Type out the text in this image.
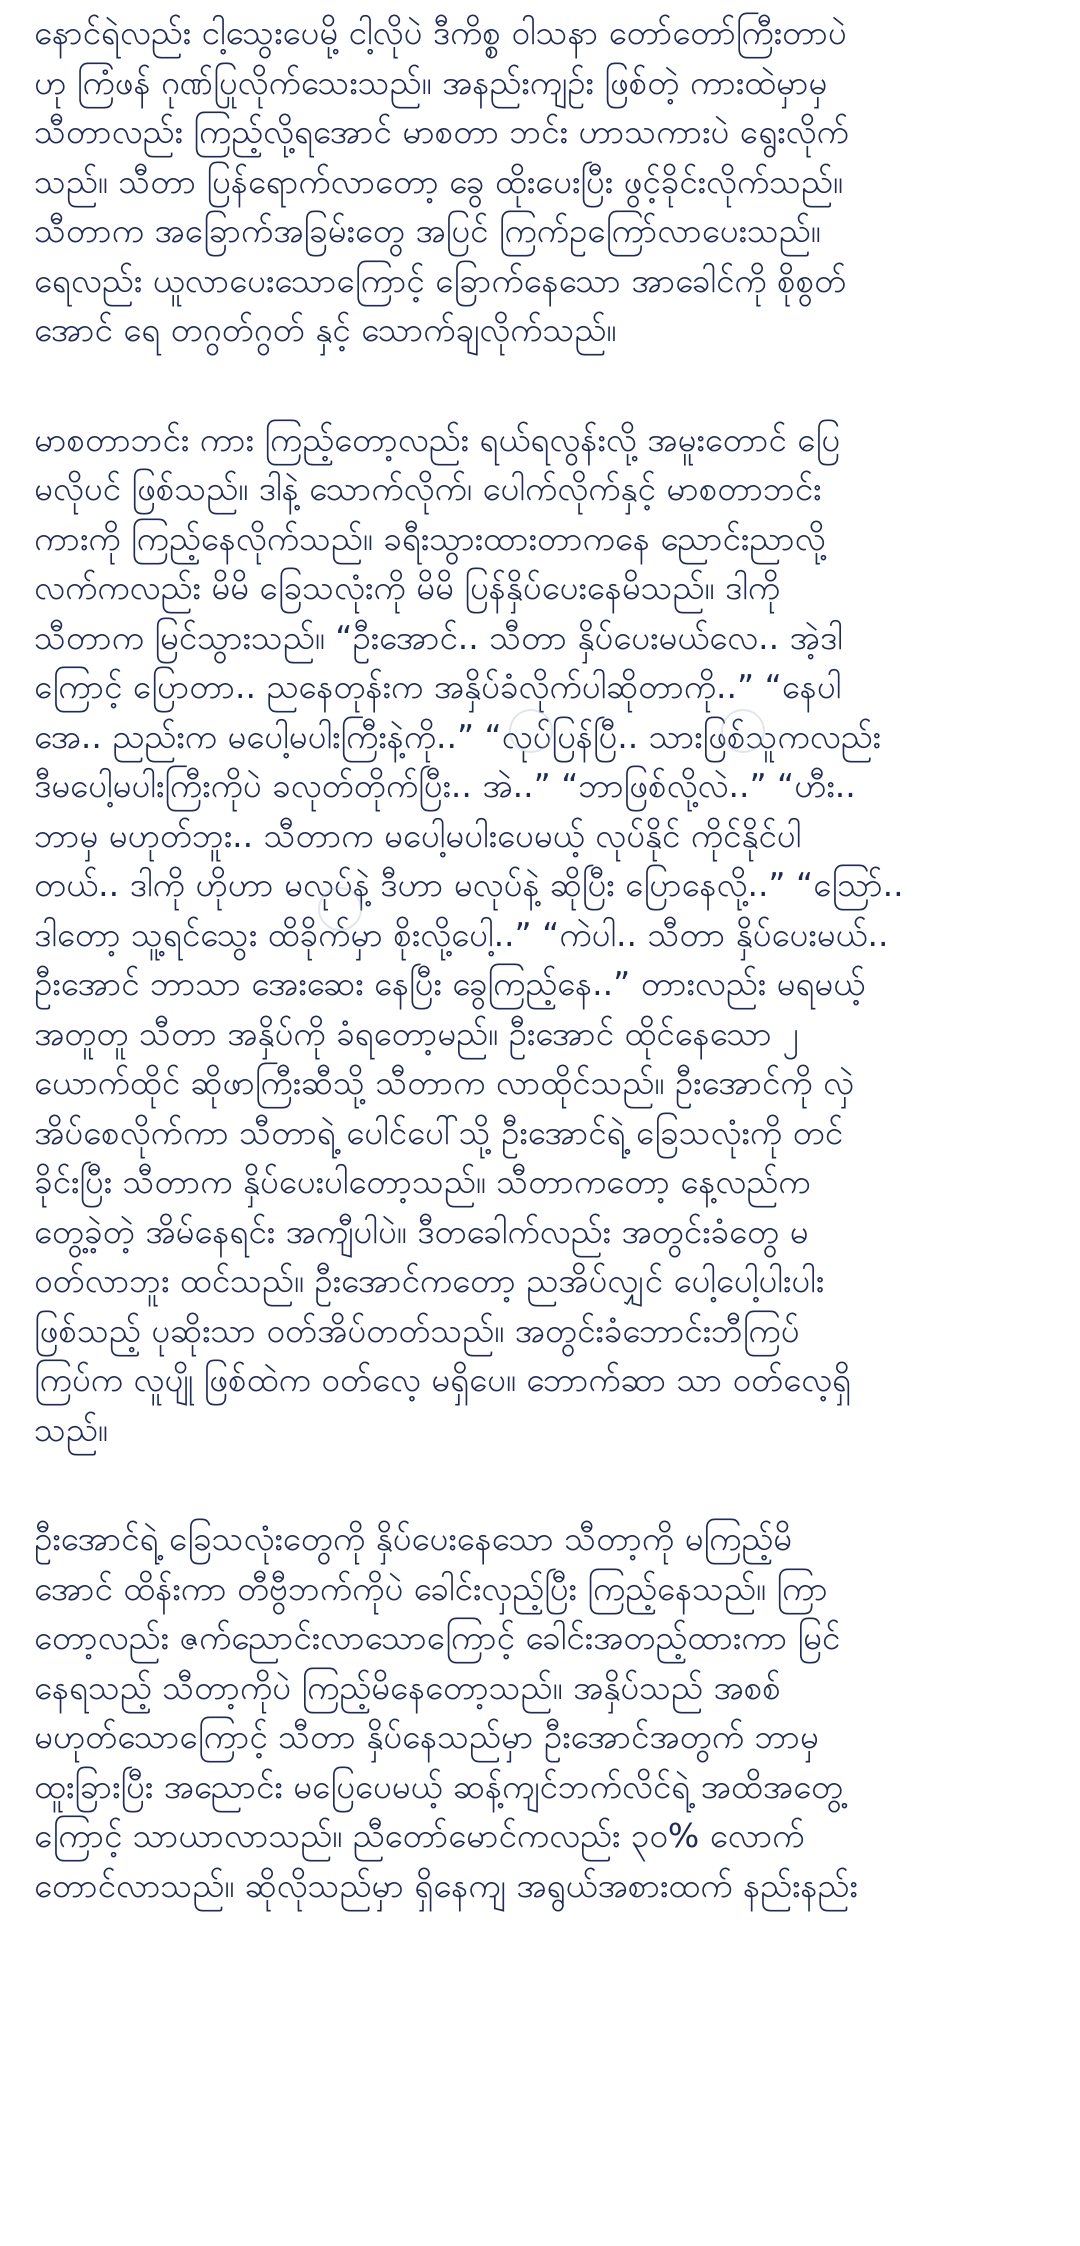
နောင်ရဲလည်း ငါ့သွေးပေမို့ ငါ့လိုပဲ ဒီကိစ္စ ဝါသနာ တော်တော်ကြီးတာပဲ
ဟု ကြံဖန် ဂုဏ်ပြုလိုက်သေးသည်။ အနည်းကျဉ်း ဖြစ်တဲ့ ကားထဲမှာမှ
သီတာလည်း ကြည့်လို့ရအောင် မာစတာ ဘင်း ဟာသကားပဲ ရွေးလိုက်
သည်။ သီတာ ပြန်ရောက်လာတော့ ခွေ ထိုးပေးပြီး ဖွင့်ခိုင်းလိုက်သည်။
သီတာက အခြောက်အခြမ်းတွေ အပြင် ကြက်ဥကြော်လာပေးသည်။
ရေလည်း ယူလာပေးသောကြောင့် ခြောက်နေသော အာခေါင်ကို စိုစွတ်
အောင် ရေ တဂွတ်ဂွတ် နှင့် သောက်ချလိုက်သည်။
မာစတာဘင်း ကား ကြည့်တော့လည်း ရယ်ရလွန်းလို့ အမူးတောင် ပြေ
မလိုပင် ဖြစ်သည်။ ဒါနဲ့ သောက်လိုက်၊ ပေါက်လိုက်နှင့် မာစတာဘင်း
ကားကို ကြည့်နေလိုက်သည်။ ခရီးသွားထားတာကနေ ညောင်းညာလို့
လက်ကလည်း မိမိ ခြေသလုံးကို မိမိ ပြန်နှိပ်ပေးနေမိသည်။ ဒါကို
သီတာက မြင်သွားသည်။ “ဦးအောင်.. သီတာ နှိပ်ပေးမယ်လေ.. အဲ့ဒါ
ကြောင့် ပြောတာ.. ညနေတုန်းက အနှိပ်ခံလိုက်ပါဆိုတာကို..” “နေပါ
အေ.. ညည်းက မပေါ့မပါးကြီးနဲ့ကို..” “လုပ်ပြန်ပြီ.. သားဖြစ်သူကလည်း
ဒီမပေါ့မပါးကြီးကိုပဲ ခလုတ်တိုက်ပြီး.. အဲ..” “ဘာဖြစ်လို့လဲ..” “ဟီး..
ဘာမှ မဟုတ်ဘူး.. သီတာက မပေါ့မပါးပေမယ့် လုပ်နိုင် ကိုင်နိုင်ပါ
တယ်.. ဒါကို ဟိုဟာ မလုပ်နဲ့ ဒီဟာ မလုပ်နဲ့ ဆိုပြီး ပြောနေလို့..” “သြော်..
ဒါတော့ သူ့ရင်သွေး ထိခိုက်မှာ စိုးလို့ပေါ့..” “ကဲပါ.. သီတာ နှိပ်ပေးမယ်..
ဦးအောင် ဘာသာ အေးဆေး နေပြီး ခွေကြည့်နေ..” တားလည်း မရမယ့်
အတူတူ သီတာ အနှိပ်ကို ခံရတော့မည်။ ဦးအောင် ထိုင်နေသော ၂
ယောက်ထိုင် ဆိုဖာကြီးဆီသို့ သီတာက လာထိုင်သည်။ ဦးအောင်ကို လှဲ
အိပ်စေလိုက်ကာ သီတာရဲ့ ပေါင်ပေါ်သို့ ဦးအောင်ရဲ့ ခြေသလုံးကို တင်
ခိုင်းပြီး သီတာက နှိပ်ပေးပါတော့သည်။ သီတာကတော့ နေ့လည်က
တွေ့ခဲ့တဲ့ အိမ်နေရင်း အကျီပါပဲ။ ဒီတခေါက်လည်း အတွင်းခံတွေ မ
ဝတ်လာဘူး ထင်သည်။ ဦးအောင်ကတော့ ညအိပ်လျှင် ပေါ့ပေါ့ပါးပါး
ဖြစ်သည့် ပုဆိုးသာ ဝတ်အိပ်တတ်သည်။ အတွင်းခံဘောင်းဘီကြပ်
ကြပ်က လူပျို ဖြစ်ထဲက ဝတ်လေ့ မရှိပေ။ ဘောက်ဆာ သာ ဝတ်လေ့ရှိ
သည်။
ဦးအောင်ရဲ့ ခြေသလုံးတွေကို နှိပ်ပေးနေသော သီတာ့ကို မကြည့်မိ
အောင် ထိန်းကာ တီဗွီဘက်ကိုပဲ ခေါင်းလှည့်ပြီး ကြည့်နေသည်။ ကြာ
တော့လည်း ဇက်ညောင်းလာသောကြောင့် ခေါင်းအတည့်ထားကာ မြင်
နေရသည့် သီတာ့ကိုပဲ ကြည့်မိနေတော့သည်။ အနှိပ်သည် အစစ်
မဟုတ်သောကြောင့် သီတာ နှိပ်နေသည်မှာ ဦးအောင်အတွက် ဘာမှ
ထူးခြားပြီး အညောင်း မပြေပေမယ့် ဆန့်ကျင်ဘက်လိင်ရဲ့ အထိအတွေ့
ကြောင့် သာယာလာသည်။ ညီတော်မောင်ကလည်း ၃၀% လောက်
တောင်လာသည်။ ဆိုလိုသည်မှာ ရှိနေကျ အရွယ်အစားထက် နည်းနည်း
